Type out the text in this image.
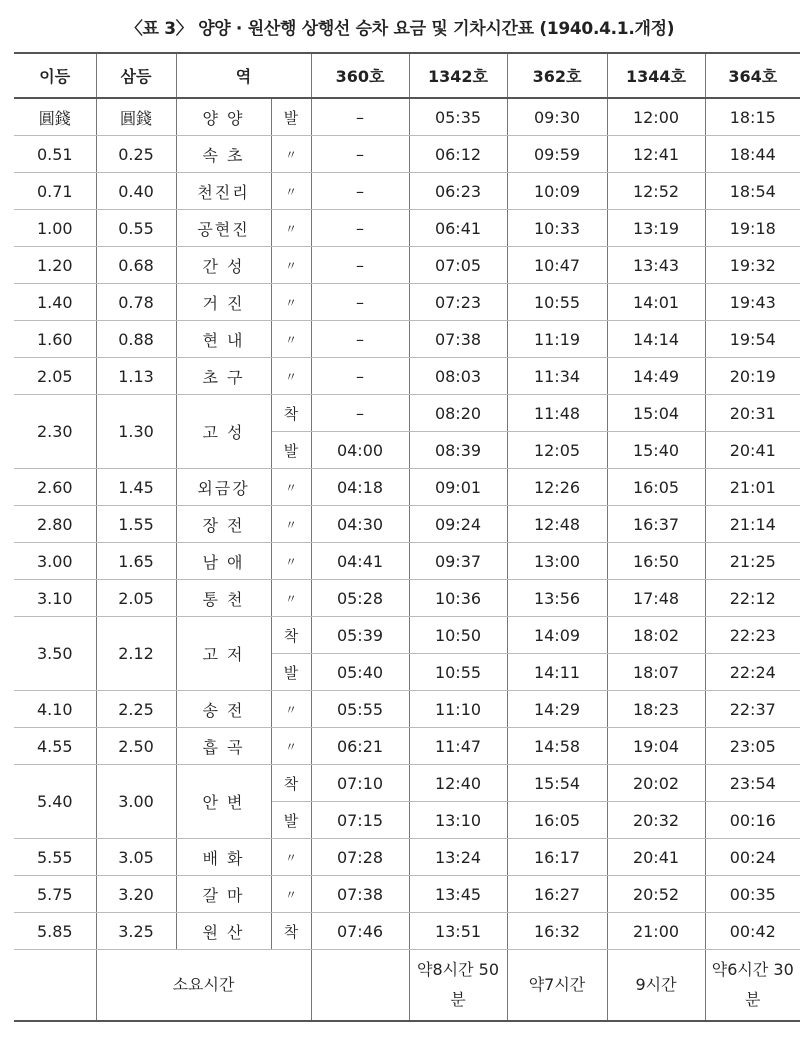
〈표 3〉 양양 · 원산행 상행선 승차 요금 및 기차시간표 (1940.4.1.개정)
이등	삼등	역		360호	1342호	362호	1344호	364호
圓錢	圓錢	양 양	발	–	05:35	09:30	12:00	18:15
0.51	0.25	속 초	〃	–	06:12	09:59	12:41	18:44
0.71	0.40	천진리	〃	–	06:23	10:09	12:52	18:54
1.00	0.55	공현진	〃	–	06:41	10:33	13:19	19:18
1.20	0.68	간 성	〃	–	07:05	10:47	13:43	19:32
1.40	0.78	거 진	〃	–	07:23	10:55	14:01	19:43
1.60	0.88	현 내	〃	–	07:38	11:19	14:14	19:54
2.05	1.13	초 구	〃	–	08:03	11:34	14:49	20:19
2.30	1.30	고 성	착	–	08:20	11:48	15:04	20:31
			발	04:00	08:39	12:05	15:40	20:41
2.60	1.45	외금강	〃	04:18	09:01	12:26	16:05	21:01
2.80	1.55	장 전	〃	04:30	09:24	12:48	16:37	21:14
3.00	1.65	남 애	〃	04:41	09:37	13:00	16:50	21:25
3.10	2.05	통 천	〃	05:28	10:36	13:56	17:48	22:12
3.50	2.12	고 저	착	05:39	10:50	14:09	18:02	22:23
			발	05:40	10:55	14:11	18:07	22:24
4.10	2.25	송 전	〃	05:55	11:10	14:29	18:23	22:37
4.55	2.50	흡 곡	〃	06:21	11:47	14:58	19:04	23:05
5.40	3.00	안 변	착	07:10	12:40	15:54	20:02	23:54
			발	07:15	13:10	16:05	20:32	00:16
5.55	3.05	배 화	〃	07:28	13:24	16:17	20:41	00:24
5.75	3.20	갈 마	〃	07:38	13:45	16:27	20:52	00:35
5.85	3.25	원 산	착	07:46	13:51	16:32	21:00	00:42
	소요시간				약8시간 50분	약7시간	9시간	약6시간 30분
